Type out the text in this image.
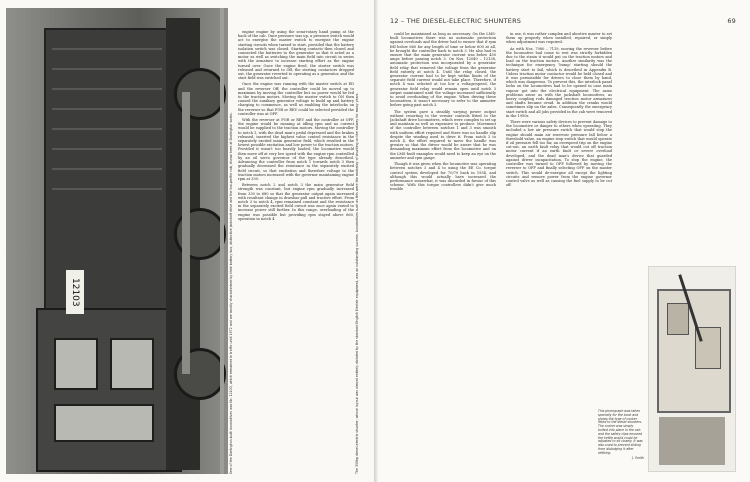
12103	One of the Darlington-built locomotives was No. 12103, which remained in traffic until 1972 and are mostly characterised by their battery box, distinctive jackshaft drive and the low-profile cab, shown here at Darlington works.

engine engine by using the semi-rotary hand pump at the back of the cab. Once pressure was up, a pressure switch would act to energise the master switch to energise the engine starting circuits when turned to start, provided that the battery isolation switch was closed. Starting contacts then closed and connected the batteries to the generator so that it acted as a motor as well as switching the main field into circuit in series with the armature to increase starting effort as the engine turned over. Once the engine fired, the starter switch was released and returned to Off, the starting contactors dropped out, the generator reverted to operating as a generator, and the start field was switched out.

Once the engine was running with the master switch at ED and the reverser Off, the controller could be moved up to maximum by moving the controller but no power would be fed to the traction motors. Moving the master switch to ON then caused the auxiliary generator voltage to build up and battery charging to commence, as well as enabling the interlocks on the reverser so that FOR or REV could be selected provided the controller was at OFF.

With the reverser at FOR or REV and the controller at OFF, the engine would be running at idling rpm and no current would be supplied to the traction motors. Moving the controller to notch 1, with the dead man's pedal depressed and the brakes released, inserted the highest value control resistance in the separately excited main generator field, which resulted in the lowest possible excitation and low power to the traction motors. Provided it wasn't too heavily loaded, the locomotive would then move off at very low speed with the engine rpm controlled by an oil servo governor of the type already described. Advancing the controller from notch 1 towards notch 3 then gradually decreased the resistance in the separately excited field circuit, so that excitation and therefore voltage to the traction motors increased with the governor maintaining engine rpm at 330.

Between notch 2 and notch 3 the main generator field strength was constant, but engine rpm gradually increased from 330 to 680 so that the generator output again increased with resultant change in drawbar pull and tractive effort. From notch 3 to notch 4, rpm remained constant and the resistance in the separately excited field circuit was once again varied to increase power still further. In this range, overloading of the engine was possible but providing rpm stayed above 660, operation in notch 4	The 350hp diesel-electric shunter, whose layout was almost entirely dictated by the standard English Electric equipment, was an outstanding success. Locomotives such as this were the mainstay of shunting on the railway for many years.
12 – THE DIESEL-ELECTRIC SHUNTERS	69

could be maintained as long as necessary. On the LMS-built locomotives there was no automatic protection against overloads and the driver had to ensure that if rpm fell below 660 for any length of time or below 600 at all, he brought the controller back to notch 3. He also had to ensure that the main generator current was below 450 amps before passing notch 3. On Nos. 12049 – 12138, automatic protection was incorporated by a generator field relay that removed the voltage from the generator field entirely at notch 4. Until the relay closed, the generator current had to be kept within limits of the separate field current would not take place. Therefore, if notch 4 was selected at too low a voltage/speed, the generator field relay would remain open until notch 3 output maintained until the voltage increased sufficiently to avoid overloading of the engine. When driving these locomotives, it wasn't necessary to refer to the ammeter before going past notch 3.

The system gave a steadily varying power output without resorting to the vernier controls fitted to the Jackshaft drive locomotives, which were complex to set up and maintain as well as expensive to produce. Movement of the controller between notches 1 and 3 was smooth with uniform effort required and there was no handle slip despite the winding used to drive it. From notch 3 to notch 4, the effort required to move the handle was greater so that the driver would be aware that he was demanding maximum effort from the locomotive and on the LMS-built examples would need to keep an eye on the ammeter and rpm gauge.

Though it was given when the locomotive was operating between notches 3 and 4 to using the EE Co. torque control system developed for 70/79 back in 1934, and although this would actually have increased the performance somewhat, it was discarded in favour of this scheme. With this torque controllers didn't give much trouble

in use, it was rather complex and abortive master to set them up properly when installed, repaired, or simply when adjustment was required.

As with Nos. 7080 – 7119, moving the reverser before the locomotive had come to rest was strictly forbidden due to the strain it would put on the traction motors and load on the traction motors. Another similarity was the technique for emergency 'bump' starting should the battery start to fail, which is described in Appendix B. Unless traction motor contactor would be held closed and it was permissible for drivers to close them by hand, which was dangerous. To prevent this, the interlock panel locks on the locomotives had to be opened in case main vapour got into the electrical equipment. The same problems arose as with the jackshaft locomotives, as heavy coupling rods damaged traction motor armatures and shafts became ovoid. In addition the cranks would sometimes slip on the axles. Consequently the emergency start switch and all jobs provided in the cab were removed in the 1950s.

There were various safety devices to prevent damage to the locomotive or danger to others when operating. They included a low air pressure switch that would stop the engine should main air reservoir pressure fall below a threshold value, an engine stop switch that would operate if oil pressure fell too far, an overspeed trip on the engine cut-out, an earth fault relay that would cut off traction motor current if an earth fault or severe overload developed, and the dead man's device that guarded against driver incapacitation. To stop the engine, the controller was turned to OFF followed by moving the reverser to OFF and finally selecting OFF on the master switch. This would de-energise all except the lighting circuits and remove power from the engine governor control valve as well as causing the fuel supply to be cut off.

This photograph was taken specially for the book and shows the type of cooker fitted to the diesel shunters. The cooker was simply bolted into place in the cab and the safety clips ensured the kettle would could be adjusted to sit closely. It was also used to prevent sliding from dislodging it after refitting.
J. Smith
